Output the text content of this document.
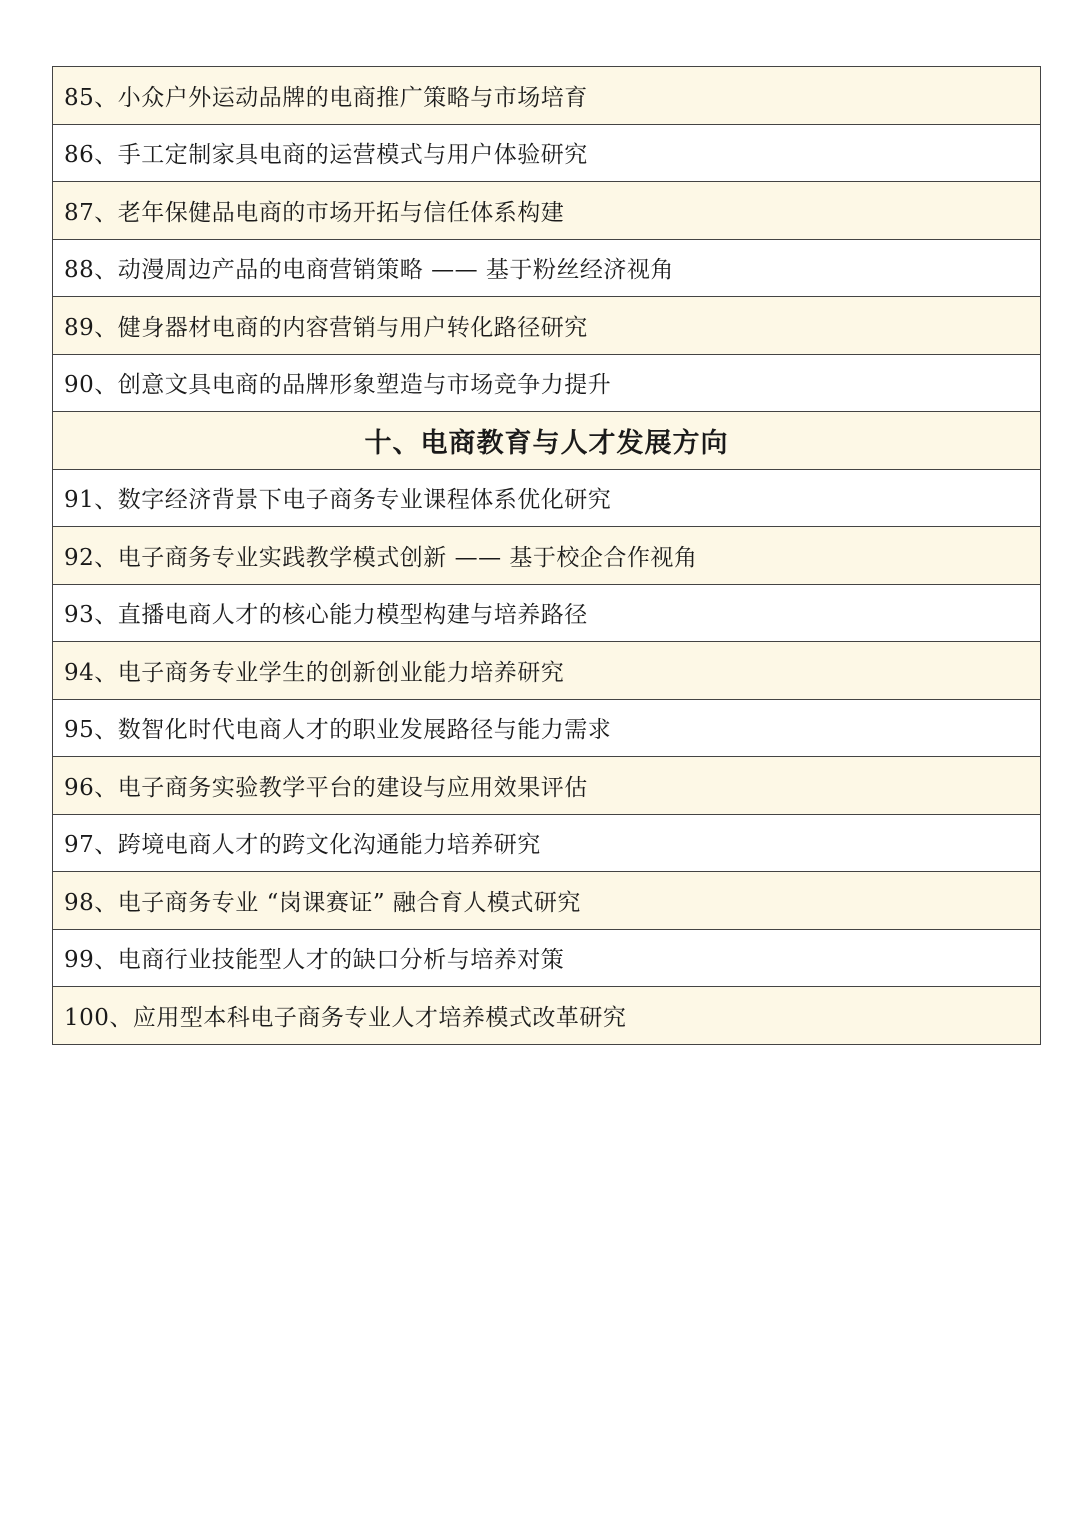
85、小众户外运动品牌的电商推广策略与市场培育
86、手工定制家具电商的运营模式与用户体验研究
87、老年保健品电商的市场开拓与信任体系构建
88、动漫周边产品的电商营销策略 —— 基于粉丝经济视角
89、健身器材电商的内容营销与用户转化路径研究
90、创意文具电商的品牌形象塑造与市场竞争力提升
十、电商教育与人才发展方向
91、数字经济背景下电子商务专业课程体系优化研究
92、电子商务专业实践教学模式创新 —— 基于校企合作视角
93、直播电商人才的核心能力模型构建与培养路径
94、电子商务专业学生的创新创业能力培养研究
95、数智化时代电商人才的职业发展路径与能力需求
96、电子商务实验教学平台的建设与应用效果评估
97、跨境电商人才的跨文化沟通能力培养研究
98、电子商务专业 “岗课赛证” 融合育人模式研究
99、电商行业技能型人才的缺口分析与培养对策
100、应用型本科电子商务专业人才培养模式改革研究
